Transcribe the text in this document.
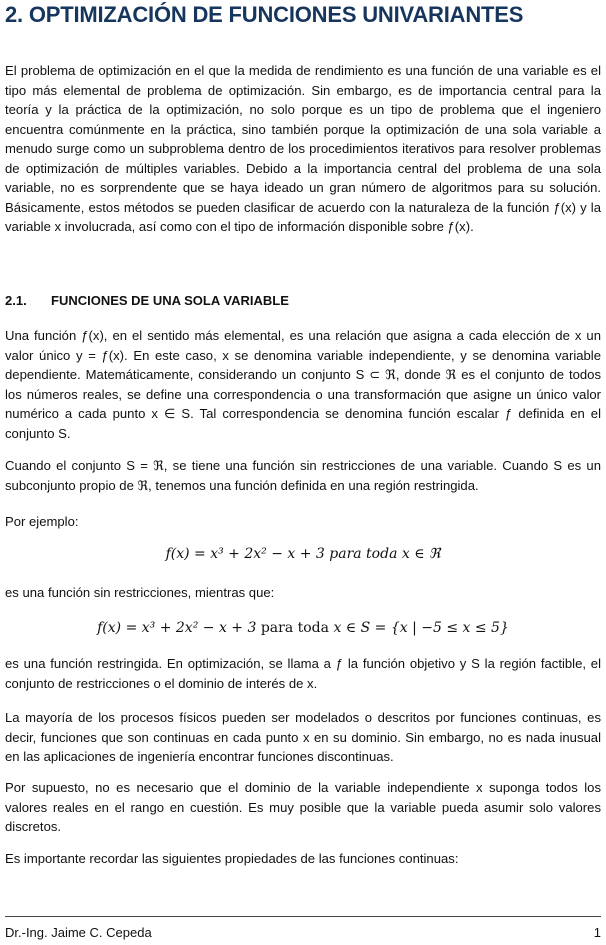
2. OPTIMIZACIÓN DE FUNCIONES UNIVARIANTES

El problema de optimización en el que la medida de rendimiento es una función de una variable es el tipo más elemental de problema de optimización. Sin embargo, es de importancia central para la teoría y la práctica de la optimización, no solo porque es un tipo de problema que el ingeniero encuentra comúnmente en la práctica, sino también porque la optimización de una sola variable a menudo surge como un subproblema dentro de los procedimientos iterativos para resolver problemas de optimización de múltiples variables. Debido a la importancia central del problema de una sola variable, no es sorprendente que se haya ideado un gran número de algoritmos para su solución. Básicamente, estos métodos se pueden clasificar de acuerdo con la naturaleza de la función ƒ(x) y la variable x involucrada, así como con el tipo de información disponible sobre ƒ(x).

2.1. FUNCIONES DE UNA SOLA VARIABLE

Una función ƒ(x), en el sentido más elemental, es una relación que asigna a cada elección de x un valor único y = ƒ(x). En este caso, x se denomina variable independiente, y se denomina variable dependiente. Matemáticamente, considerando un conjunto S ⊂ ℜ, donde ℜ es el conjunto de todos los números reales, se define una correspondencia o una transformación que asigne un único valor numérico a cada punto x ∈ S. Tal correspondencia se denomina función escalar ƒ definida en el conjunto S.

Cuando el conjunto S = ℜ, se tiene una función sin restricciones de una variable. Cuando S es un subconjunto propio de ℜ, tenemos una función definida en una región restringida.

Por ejemplo:

f(x) = x³ + 2x² − x + 3 para toda x ∈ ℜ

es una función sin restricciones, mientras que:

f(x) = x³ + 2x² − x + 3 para toda x ∈ S = {x | −5 ≤ x ≤ 5}

es una función restringida. En optimización, se llama a ƒ la función objetivo y S la región factible, el conjunto de restricciones o el dominio de interés de x.

La mayoría de los procesos físicos pueden ser modelados o descritos por funciones continuas, es decir, funciones que son continuas en cada punto x en su dominio. Sin embargo, no es nada inusual en las aplicaciones de ingeniería encontrar funciones discontinuas.

Por supuesto, no es necesario que el dominio de la variable independiente x suponga todos los valores reales en el rango en cuestión. Es muy posible que la variable pueda asumir solo valores discretos.

Es importante recordar las siguientes propiedades de las funciones continuas:

Dr.-Ing. Jaime C. Cepeda	1
